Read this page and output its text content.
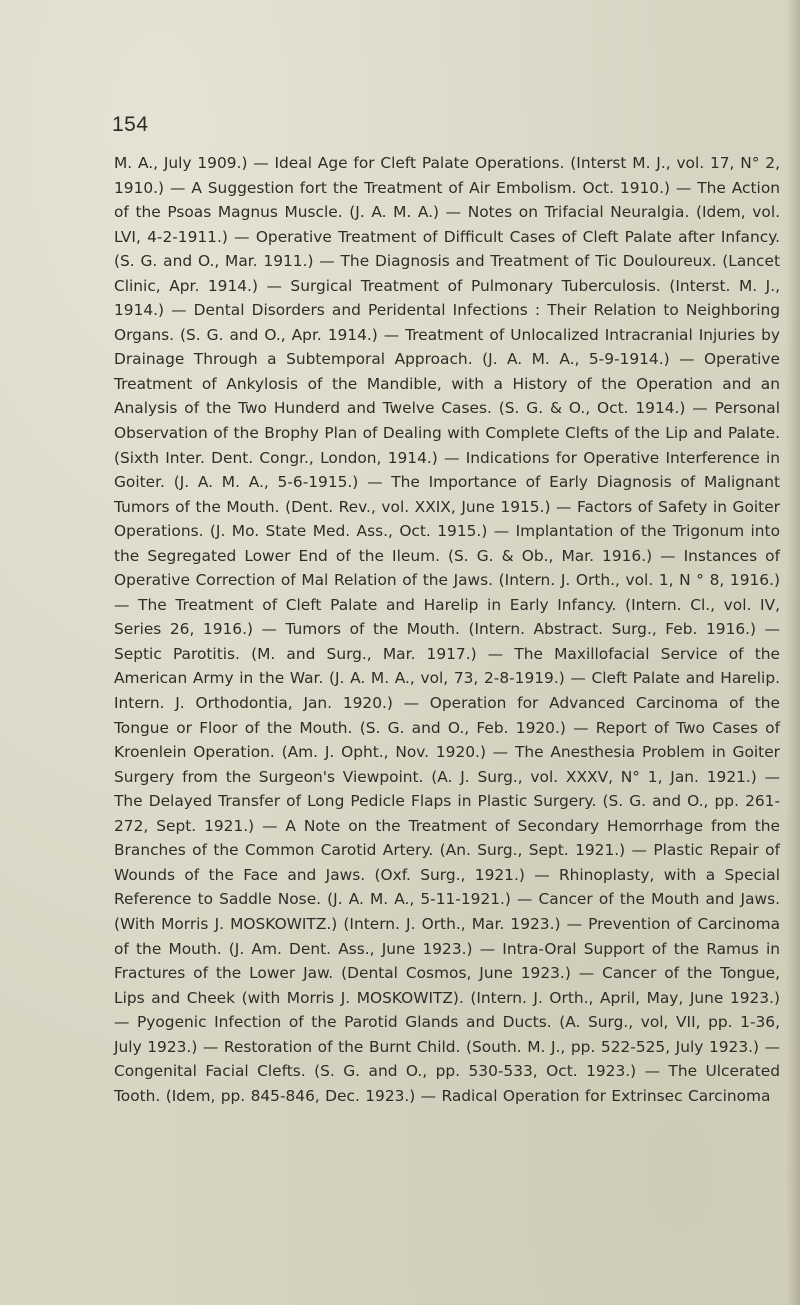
154

M. A., July 1909.) — Ideal Age for Cleft Palate Operations. (Interst M. J., vol. 17, N° 2, 1910.) — A Suggestion fort the Treatment of Air Embolism. Oct. 1910.) — The Action of the Psoas Magnus Muscle. (J. A. M. A.) — Notes on Trifacial Neuralgia. (Idem, vol. LVI, 4-2-1911.) — Operative Treatment of Difficult Cases of Cleft Palate after Infancy. (S. G. and O., Mar. 1911.) — The Diagnosis and Treatment of Tic Douloureux. (Lancet Clinic, Apr. 1914.) — Surgical Treatment of Pulmonary Tuberculosis. (Interst. M. J., 1914.) — Dental Disorders and Peridental Infections : Their Relation to Neighboring Organs. (S. G. and O., Apr. 1914.) — Treatment of Unlocalized Intracranial Injuries by Drainage Through a Subtemporal Approach. (J. A. M. A., 5-9-1914.) — Operative Treatment of Ankylosis of the Mandible, with a History of the Operation and an Analysis of the Two Hunderd and Twelve Cases. (S. G. & O., Oct. 1914.) — Personal Observation of the Brophy Plan of Dealing with Complete Clefts of the Lip and Palate. (Sixth Inter. Dent. Congr., London, 1914.) — Indications for Operative Interference in Goiter. (J. A. M. A., 5-6-1915.) — The Importance of Early Diagnosis of Malignant Tumors of the Mouth. (Dent. Rev., vol. XXIX, June 1915.) — Factors of Safety in Goiter Operations. (J. Mo. State Med. Ass., Oct. 1915.) — Implantation of the Trigonum into the Segregated Lower End of the Ileum. (S. G. & Ob., Mar. 1916.) — Instances of Operative Correction of Mal Relation of the Jaws. (Intern. J. Orth., vol. 1, N ° 8, 1916.) — The Treatment of Cleft Palate and Harelip in Early Infancy. (Intern. Cl., vol. IV, Series 26, 1916.) — Tumors of the Mouth. (Intern. Abstract. Surg., Feb. 1916.) — Septic Parotitis. (M. and Surg., Mar. 1917.) — The Maxillofacial Service of the American Army in the War. (J. A. M. A., vol, 73, 2-8-1919.) — Cleft Palate and Harelip. Intern. J. Orthodontia, Jan. 1920.) — Operation for Advanced Carcinoma of the Tongue or Floor of the Mouth. (S. G. and O., Feb. 1920.) — Report of Two Cases of Kroenlein Operation. (Am. J. Opht., Nov. 1920.) — The Anesthesia Problem in Goiter Surgery from the Surgeon's Viewpoint. (A. J. Surg., vol. XXXV, N° 1, Jan. 1921.) — The Delayed Transfer of Long Pedicle Flaps in Plastic Surgery. (S. G. and O., pp. 261-272, Sept. 1921.) — A Note on the Treatment of Secondary Hemorrhage from the Branches of the Common Carotid Artery. (An. Surg., Sept. 1921.) — Plastic Repair of Wounds of the Face and Jaws. (Oxf. Surg., 1921.) — Rhinoplasty, with a Special Reference to Saddle Nose. (J. A. M. A., 5-11-1921.) — Cancer of the Mouth and Jaws. (With Morris J. MOSKOWITZ.) (Intern. J. Orth., Mar. 1923.) — Prevention of Carcinoma of the Mouth. (J. Am. Dent. Ass., June 1923.) — Intra-Oral Support of the Ramus in Fractures of the Lower Jaw. (Dental Cosmos, June 1923.) — Cancer of the Tongue, Lips and Cheek (with Morris J. MOSKOWITZ). (Intern. J. Orth., April, May, June 1923.) — Pyogenic Infection of the Parotid Glands and Ducts. (A. Surg., vol, VII, pp. 1-36, July 1923.) — Restoration of the Burnt Child. (South. M. J., pp. 522-525, July 1923.) — Congenital Facial Clefts. (S. G. and O., pp. 530-533, Oct. 1923.) — The Ulcerated Tooth. (Idem, pp. 845-846, Dec. 1923.) — Radical Operation for Extrinsec Carcinoma
